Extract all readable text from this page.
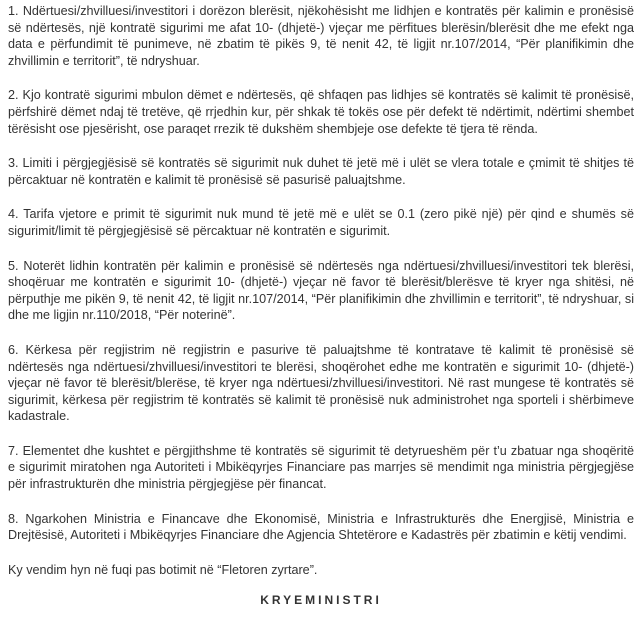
1. Ndërtuesi/zhvilluesi/investitori i dorëzon blerësit, njëkohësisht me lidhjen e kontratës për kalimin e pronësisë së ndërtesës, një kontratë sigurimi me afat 10- (dhjetë-) vjeçar me përfitues blerësin/blerësit dhe me efekt nga data e përfundimit të punimeve, në zbatim të pikës 9, të nenit 42, të ligjit nr.107/2014, “Për planifikimin dhe zhvillimin e territorit”, të ndryshuar.

2. Kjo kontratë sigurimi mbulon dëmet e ndërtesës, që shfaqen pas lidhjes së kontratës së kalimit të pronësisë, përfshirë dëmet ndaj të tretëve, që rrjedhin kur, për shkak të tokës ose për defekt të ndërtimit, ndërtimi shembet tërësisht ose pjesërisht, ose paraqet rrezik të dukshëm shembjeje ose defekte të tjera të rënda.

3. Limiti i përgjegjësisë së kontratës së sigurimit nuk duhet të jetë më i ulët se vlera totale e çmimit të shitjes të përcaktuar në kontratën e kalimit të pronësisë së pasurisë paluajtshme.

4. Tarifa vjetore e primit të sigurimit nuk mund të jetë më e ulët se 0.1 (zero pikë një) për qind e shumës së sigurimit/limit të përgjegjësisë së përcaktuar në kontratën e sigurimit.

5. Noterët lidhin kontratën për kalimin e pronësisë së ndërtesës nga ndërtuesi/zhvilluesi/investitori tek blerësi, shoqëruar me kontratën e sigurimit 10- (dhjetë-) vjeçar në favor të blerësit/blerësve të kryer nga shitësi, në përputhje me pikën 9, të nenit 42, të ligjit nr.107/2014, “Për planifikimin dhe zhvillimin e territorit”, të ndryshuar, si dhe me ligjin nr.110/2018, “Për noterinë”.

6. Kërkesa për regjistrim në regjistrin e pasurive të paluajtshme të kontratave të kalimit të pronësisë së ndërtesës nga ndërtuesi/zhvilluesi/investitori te blerësi, shoqërohet edhe me kontratën e sigurimit 10- (dhjetë-) vjeçar në favor të blerësit/blerëse, të kryer nga ndërtuesi/zhvilluesi/investitori. Në rast mungese të kontratës së sigurimit, kërkesa për regjistrim të kontratës së kalimit të pronësisë nuk administrohet nga sporteli i shërbimeve kadastrale.

7. Elementet dhe kushtet e përgjithshme të kontratës së sigurimit të detyrueshëm për t’u zbatuar nga shoqëritë e sigurimit miratohen nga Autoriteti i Mbikëqyrjes Financiare pas marrjes së mendimit nga ministria përgjegjëse për infrastrukturën dhe ministria përgjegjëse për financat.

8. Ngarkohen Ministria e Financave dhe Ekonomisë, Ministria e Infrastrukturës dhe Energjisë, Ministria e Drejtësisë, Autoriteti i Mbikëqyrjes Financiare dhe Agjencia Shtetërore e Kadastrës për zbatimin e këtij vendimi.

Ky vendim hyn në fuqi pas botimit në “Fletoren zyrtare”.

KRYEMINISTRI
